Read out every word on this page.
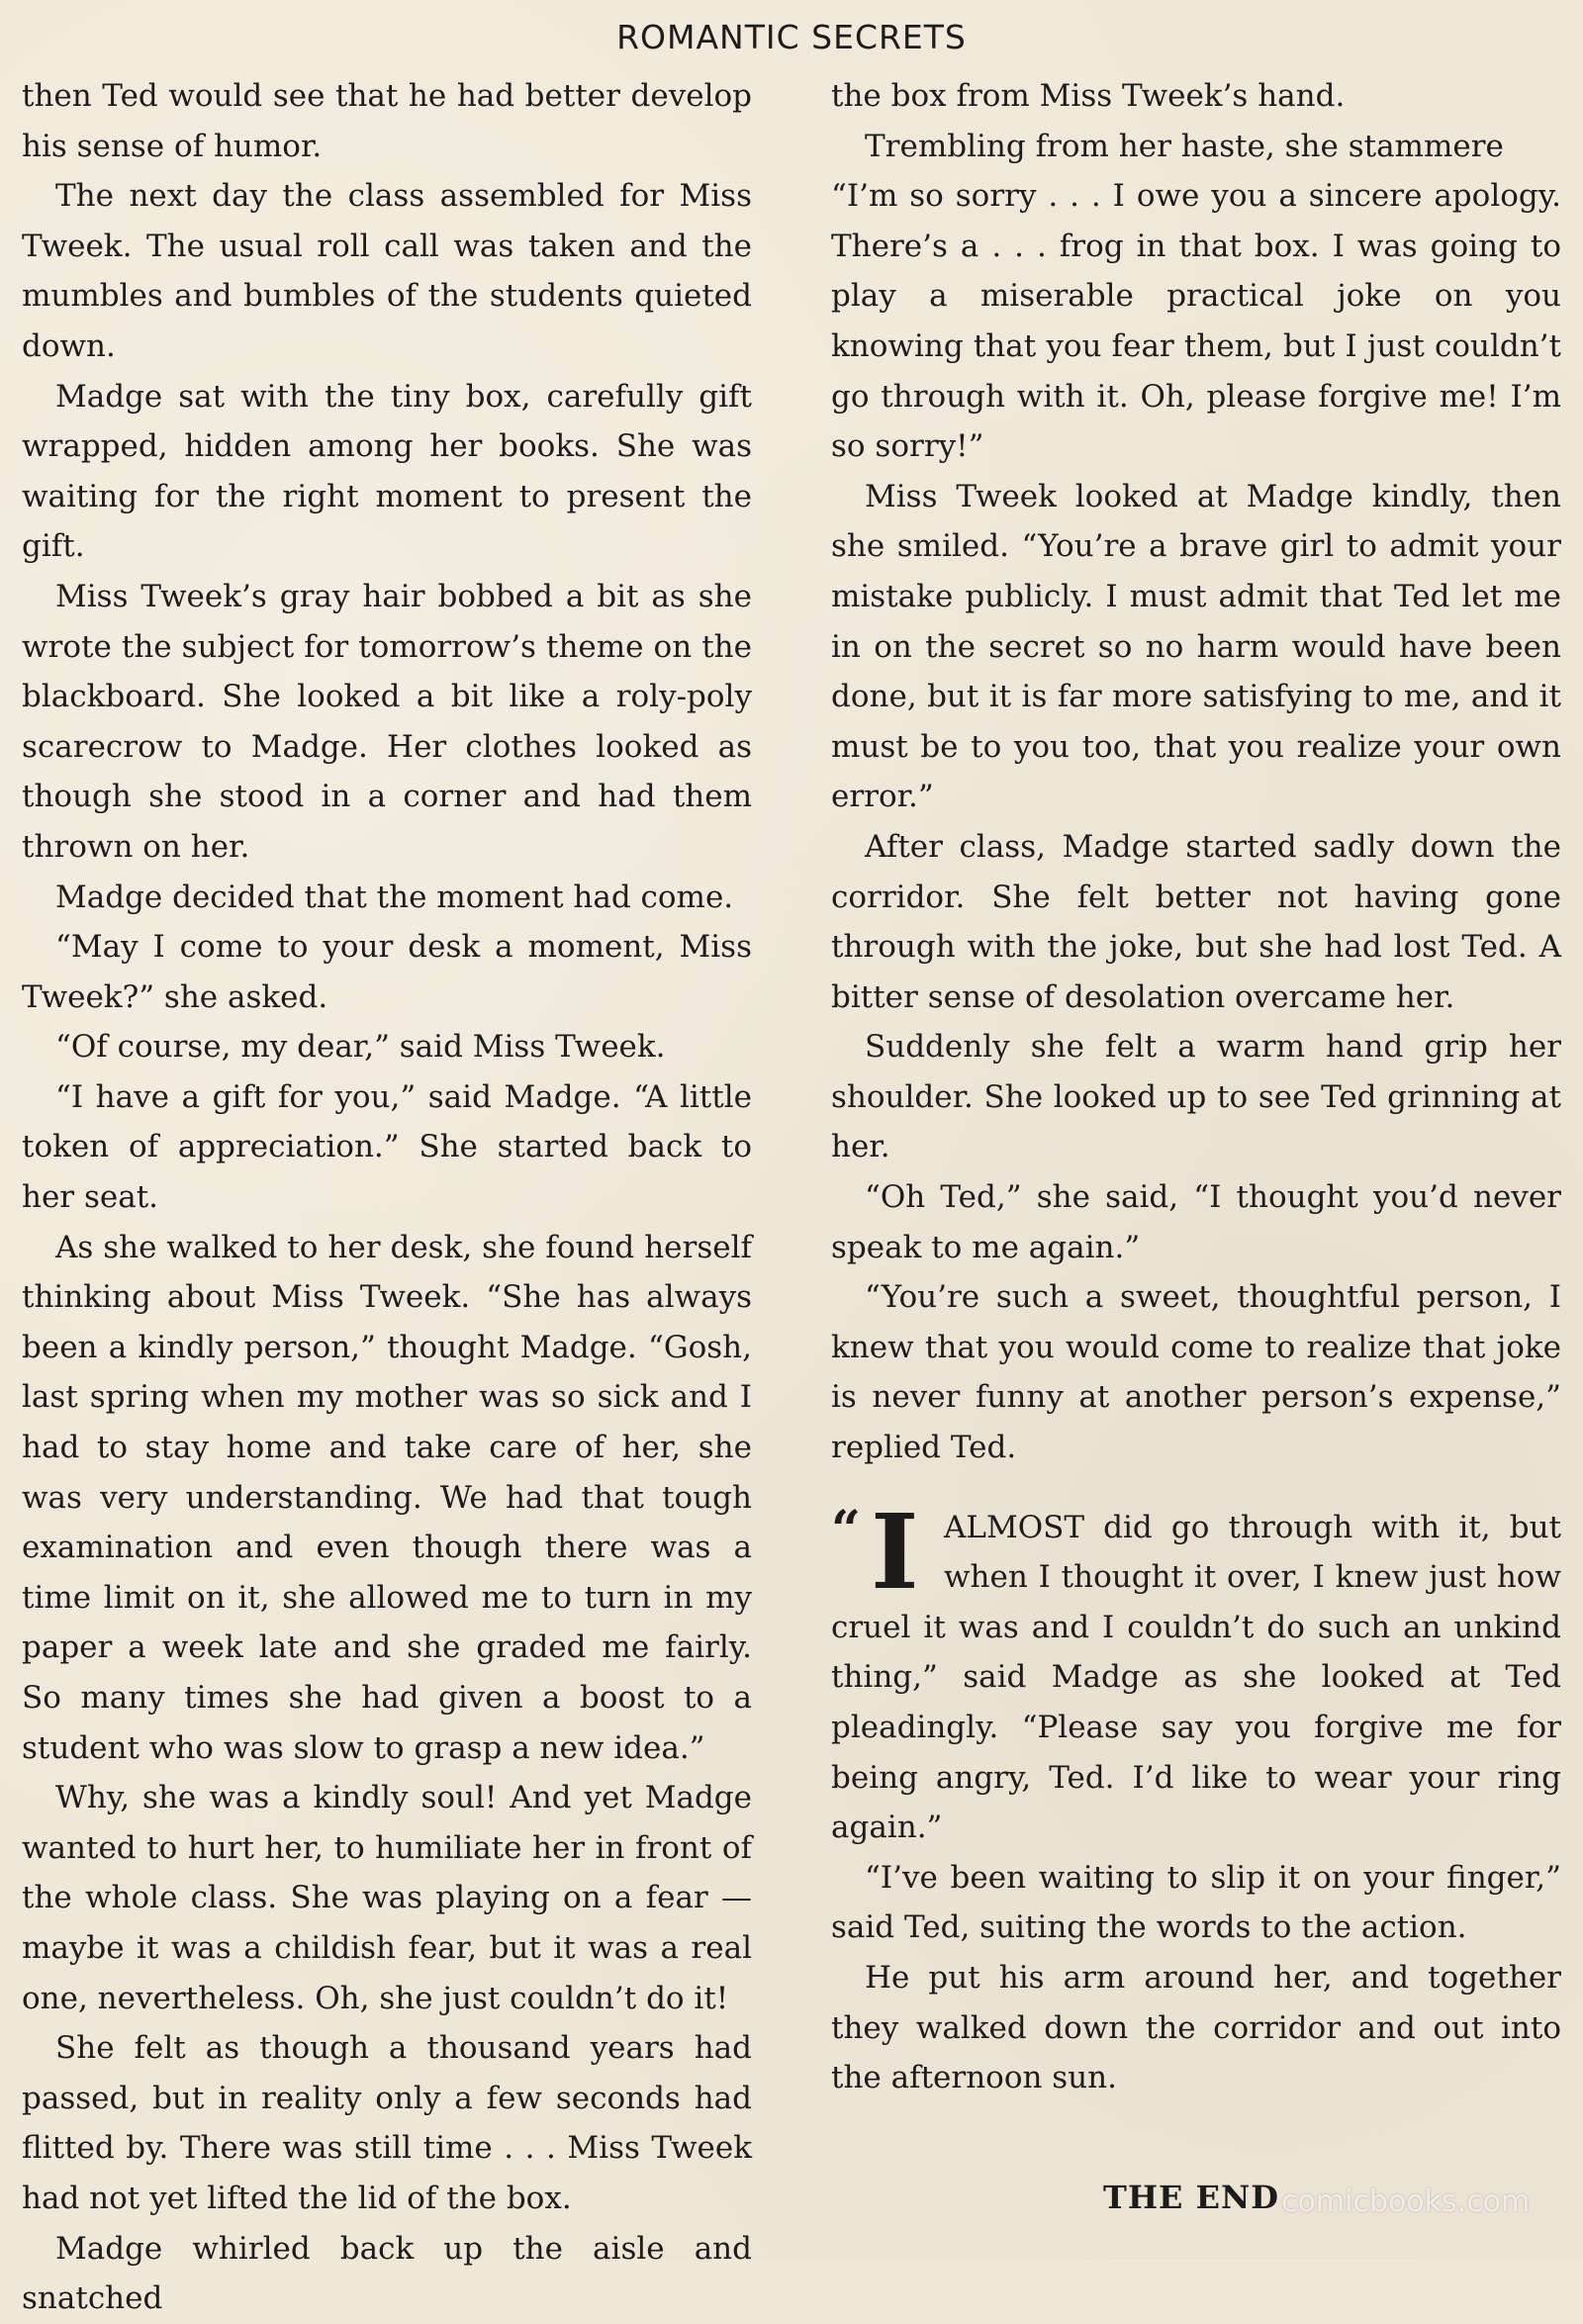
ROMANTIC SECRETS

then Ted would see that he had better develop his sense of humor.

The next day the class assembled for Miss Tweek. The usual roll call was taken and the mumbles and bumbles of the students quieted down.

Madge sat with the tiny box, carefully gift wrapped, hidden among her books. She was waiting for the right moment to present the gift.

Miss Tweek’s gray hair bobbed a bit as she wrote the subject for tomorrow’s theme on the blackboard. She looked a bit like a roly-poly scarecrow to Madge. Her clothes looked as though she stood in a corner and had them thrown on her.

Madge decided that the moment had come.

“May I come to your desk a moment, Miss Tweek?” she asked.

“Of course, my dear,” said Miss Tweek.

“I have a gift for you,” said Madge. “A little token of appreciation.” She started back to her seat.

As she walked to her desk, she found herself thinking about Miss Tweek. “She has always been a kindly person,” thought Madge. “Gosh, last spring when my mother was so sick and I had to stay home and take care of her, she was very understanding. We had that tough examination and even though there was a time limit on it, she allowed me to turn in my paper a week late and she graded me fairly. So many times she had given a boost to a student who was slow to grasp a new idea.”

Why, she was a kindly soul! And yet Madge wanted to hurt her, to humiliate her in front of the whole class. She was playing on a fear —maybe it was a childish fear, but it was a real one, nevertheless. Oh, she just couldn’t do it!

She felt as though a thousand years had passed, but in reality only a few seconds had flitted by. There was still time . . . Miss Tweek had not yet lifted the lid of the box.

Madge whirled back up the aisle and snatched

the box from Miss Tweek’s hand.

Trembling from her haste, she stammere

“I’m so sorry . . . I owe you a sincere apology. There’s a . . . frog in that box. I was going to play a miserable practical joke on you knowing that you fear them, but I just couldn’t go through with it. Oh, please forgive me! I’m so sorry!”

Miss Tweek looked at Madge kindly, then she smiled. “You’re a brave girl to admit your mistake publicly. I must admit that Ted let me in on the secret so no harm would have been done, but it is far more satisfying to me, and it must be to you too, that you realize your own error.”

After class, Madge started sadly down the corridor. She felt better not having gone through with the joke, but she had lost Ted. A bitter sense of desolation overcame her.

Suddenly she felt a warm hand grip her shoulder. She looked up to see Ted grinning at her.

“Oh Ted,” she said, “I thought you’d never speak to me again.”

“You’re such a sweet, thoughtful person, I knew that you would come to realize that joke is never funny at another person’s expense,” replied Ted.

“ I ALMOST did go through with it, but when I thought it over, I knew just how cruel it was and I couldn’t do such an unkind thing,” said Madge as she looked at Ted pleadingly. “Please say you forgive me for being angry, Ted. I’d like to wear your ring again.”

“I’ve been waiting to slip it on your finger,” said Ted, suiting the words to the action.

He put his arm around her, and together they walked down the corridor and out into the afternoon sun.

THE END comicbooks.com
